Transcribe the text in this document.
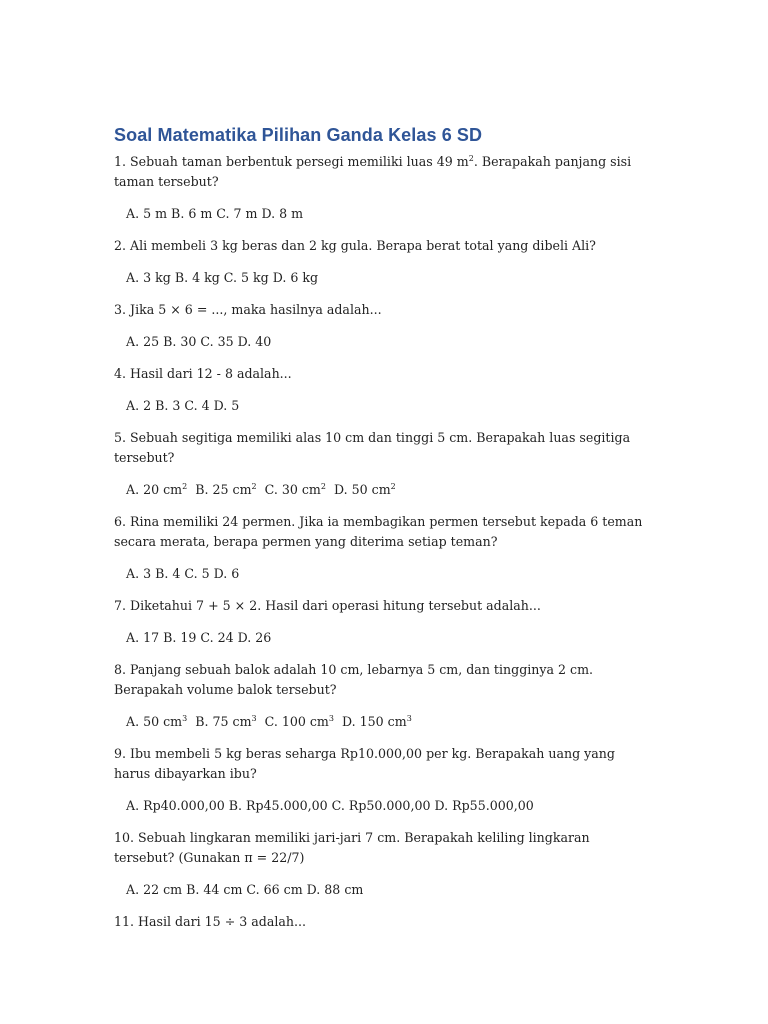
Soal Matematika Pilihan Ganda Kelas 6 SD

1. Sebuah taman berbentuk persegi memiliki luas 49 $m^2$. Berapakah panjang sisi taman tersebut?

A. 5 m B. 6 m C. 7 m D. 8 m

2. Ali membeli 3 kg beras dan 2 kg gula. Berapa berat total yang dibeli Ali?

A. 3 kg B. 4 kg C. 5 kg D. 6 kg

3. Jika 5 × 6 = ..., maka hasilnya adalah...

A. 25 B. 30 C. 35 D. 40

4. Hasil dari 12 - 8 adalah...

A. 2 B. 3 C. 4 D. 5

5. Sebuah segitiga memiliki alas 10 cm dan tinggi 5 cm. Berapakah luas segitiga tersebut?

A. 20 $cm^2$ B. 25 $cm^2$ C. 30 $cm^2$ D. 50 $cm^2$

6. Rina memiliki 24 permen. Jika ia membagikan permen tersebut kepada 6 teman secara merata, berapa permen yang diterima setiap teman?

A. 3 B. 4 C. 5 D. 6

7. Diketahui 7 + 5 × 2. Hasil dari operasi hitung tersebut adalah...

A. 17 B. 19 C. 24 D. 26

8. Panjang sebuah balok adalah 10 cm, lebarnya 5 cm, dan tingginya 2 cm. Berapakah volume balok tersebut?

A. 50 $cm^3$ B. 75 $cm^3$ C. 100 $cm^3$ D. 150 $cm^3$

9. Ibu membeli 5 kg beras seharga Rp10.000,00 per kg. Berapakah uang yang harus dibayarkan ibu?

A. Rp40.000,00 B. Rp45.000,00 C. Rp50.000,00 D. Rp55.000,00

10. Sebuah lingkaran memiliki jari-jari 7 cm. Berapakah keliling lingkaran tersebut? (Gunakan π = 22/7)

A. 22 cm B. 44 cm C. 66 cm D. 88 cm

11. Hasil dari 15 ÷ 3 adalah...
